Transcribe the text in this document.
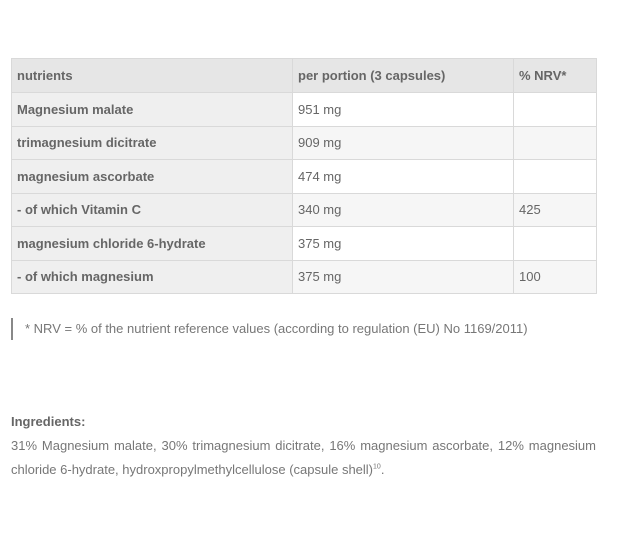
nutrients	per portion (3 capsules)	% NRV*
Magnesium malate	951 mg	
trimagnesium dicitrate	909 mg	
magnesium ascorbate	474 mg	
- of which Vitamin C	340 mg	425
magnesium chloride 6-hydrate	375 mg	
- of which magnesium	375 mg	100
* NRV = % of the nutrient reference values (according to regulation (EU) No 1169/2011)

Ingredients:

31% Magnesium malate, 30% trimagnesium dicitrate, 16% magnesium ascorbate, 12% magnesium chloride 6-hydrate, hydroxpropylmethylcellulose (capsule shell)$^{10}$.
